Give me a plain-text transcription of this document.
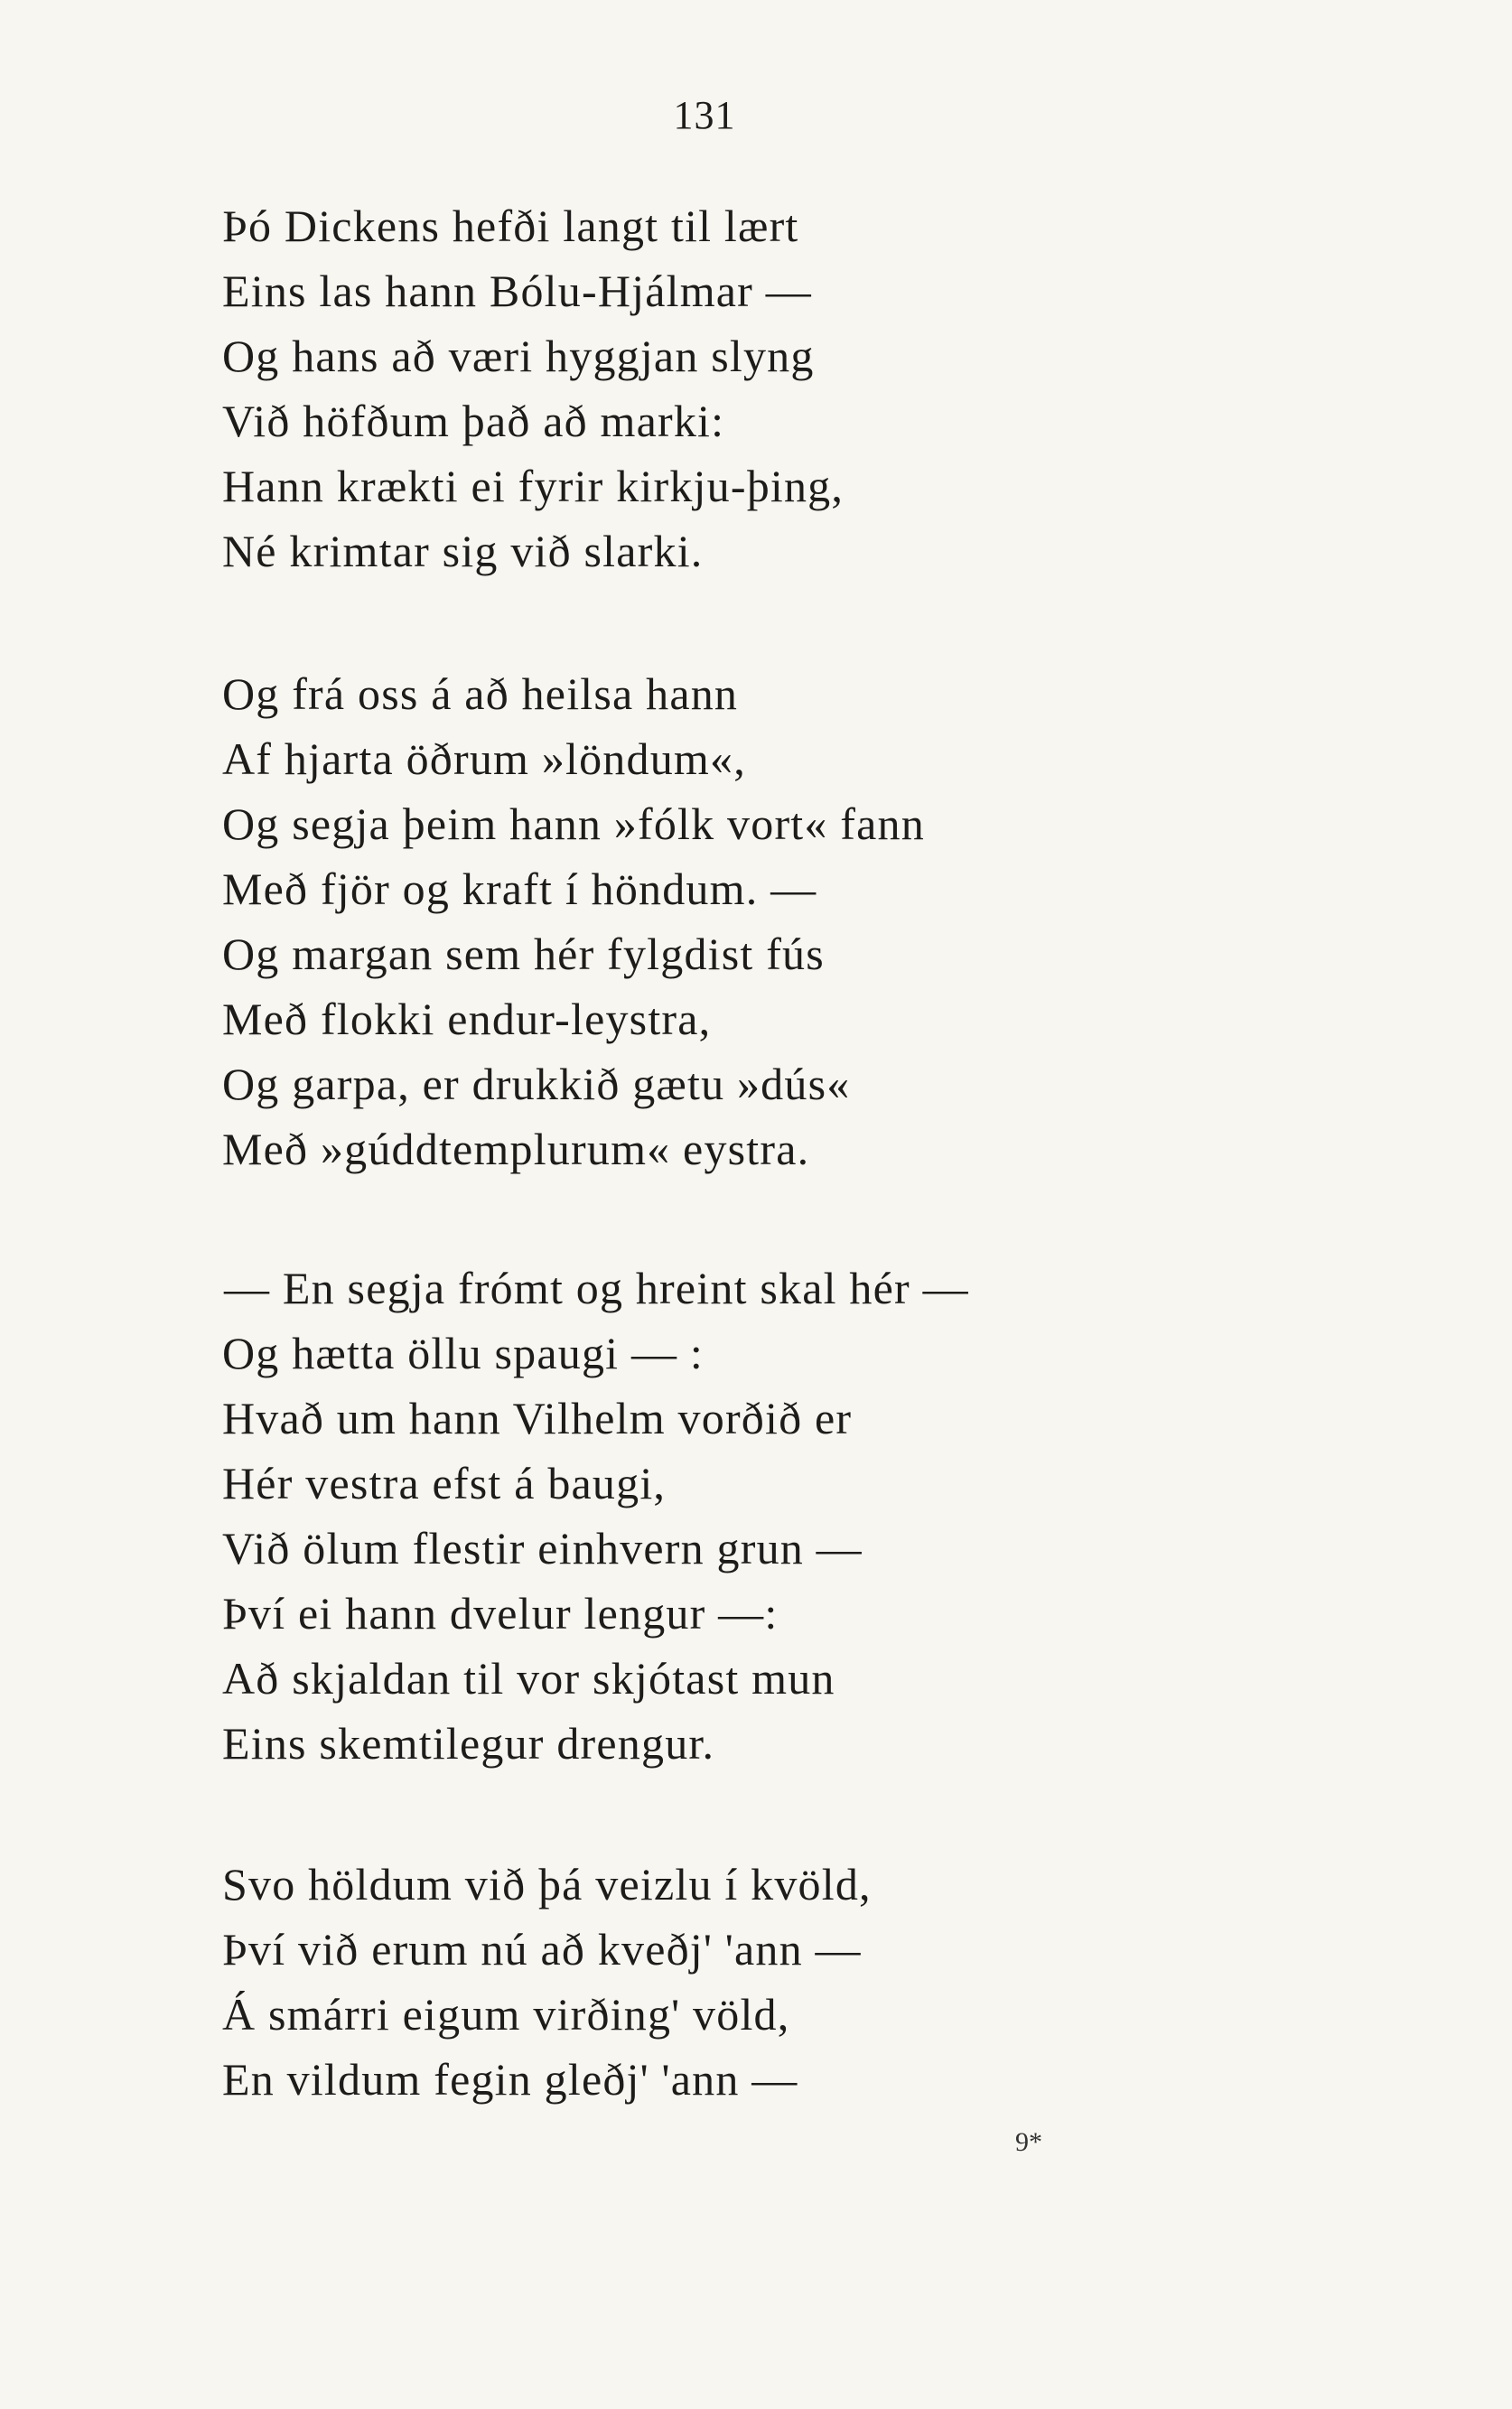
131
Þó Dickens hefði langt til lært
Eins las hann Bólu-Hjálmar —
Og hans að væri hyggjan slyng
Við höfðum það að marki:
Hann krækti ei fyrir kirkju-þing,
Né krimtar sig við slarki.
Og frá oss á að heilsa hann
Af hjarta öðrum »löndum«,
Og segja þeim hann »fólk vort« fann
Með fjör og kraft í höndum. —
Og margan sem hér fylgdist fús
Með flokki endur-leystra,
Og garpa, er drukkið gætu »dús«
Með »gúddtemplurum« eystra.
— En segja frómt og hreint skal hér —
Og hætta öllu spaugi — :
Hvað um hann Vilhelm vorðið er
Hér vestra efst á baugi,
Við ölum flestir einhvern grun —
Því ei hann dvelur lengur —:
Að skjaldan til vor skjótast mun
Eins skemtilegur drengur.
Svo höldum við þá veizlu í kvöld,
Því við erum nú að kveðj' 'ann —
Á smárri eigum virðing' völd,
En vildum fegin gleðj' 'ann —
9*
